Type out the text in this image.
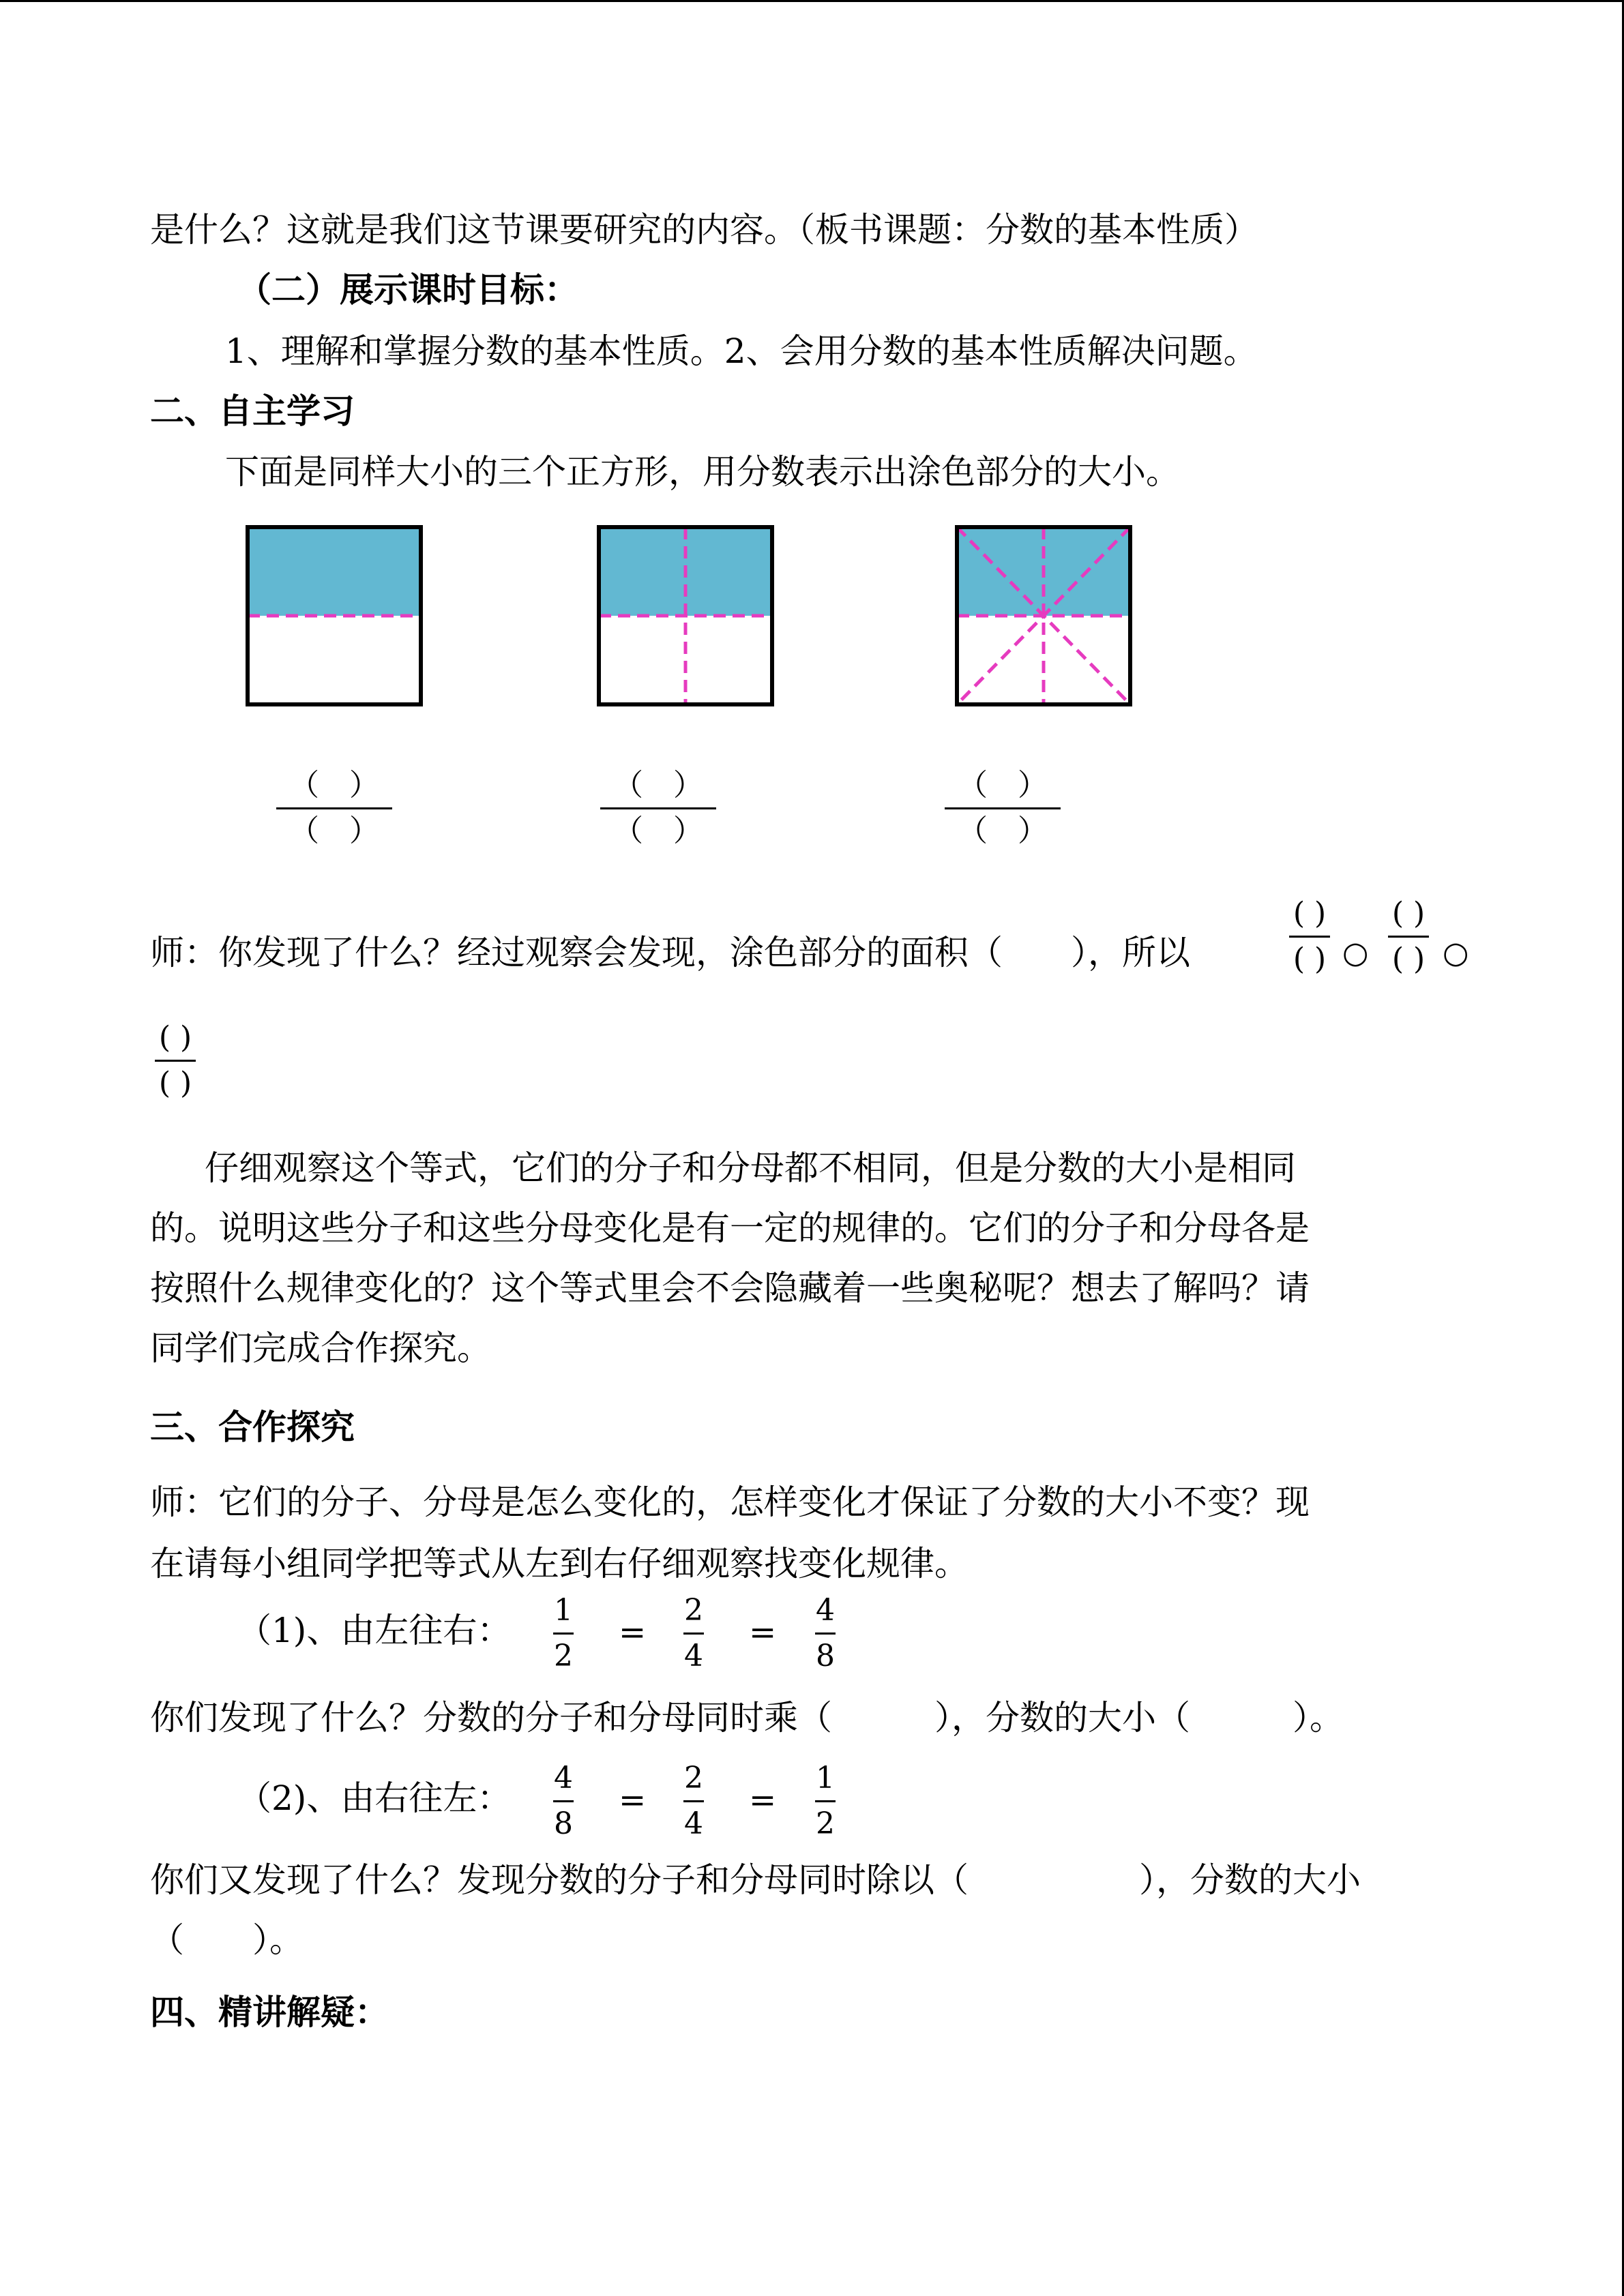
是什么？这就是我们这节课要研究的内容。（板书课题：分数的基本性质）
（二）展示课时目标：
1、理解和掌握分数的基本性质。2、会用分数的基本性质解决问题。
二、自主学习
下面是同样大小的三个正方形，用分数表示出涂色部分的大小。
（　）
（　）
（　）
（　）
（　）
（　）
师：你发现了什么？经过观察会发现，涂色部分的面积（　　），所以
( )
( ) ○
( )
( ) ○
( )
( )
仔细观察这个等式，它们的分子和分母都不相同，但是分数的大小是相同
的。说明这些分子和这些分母变化是有一定的规律的。它们的分子和分母各是
按照什么规律变化的？这个等式里会不会隐藏着一些奥秘呢？想去了解吗？请
同学们完成合作探究。
三、合作探究
师：它们的分子、分母是怎么变化的，怎样变化才保证了分数的大小不变？现
在请每小组同学把等式从左到右仔细观察找变化规律。
（1)、由左往右：
1
2
=
2
4
=
4
8
你们发现了什么？分数的分子和分母同时乘（　　　），分数的大小（　　　）。
（2)、由右往左：
4
8
=
2
4
=
1
2
你们又发现了什么？发现分数的分子和分母同时除以（　　　　　），分数的大小
（　　）。
四、精讲解疑：
